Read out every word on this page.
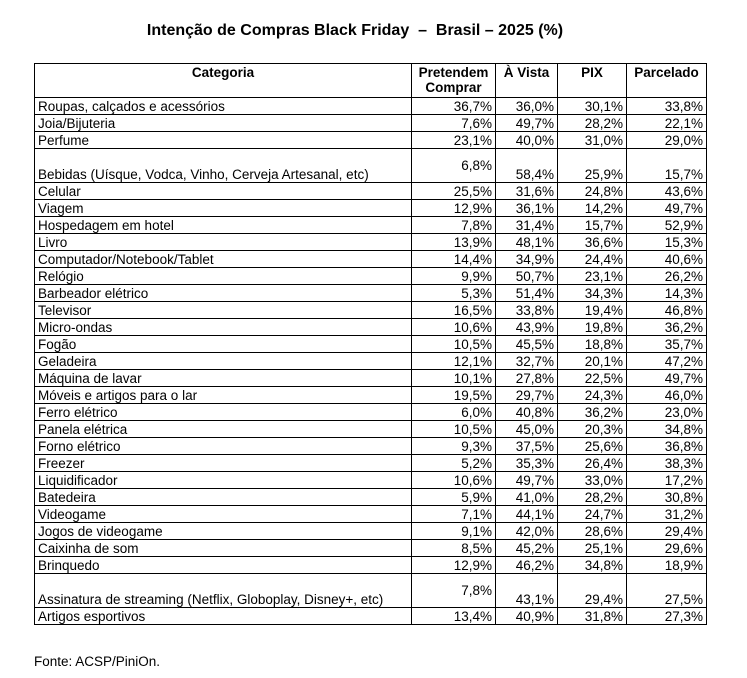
Intenção de Compras Black Friday  –  Brasil – 2025 (%)
Categoria	Pretendem Comprar	À Vista	PIX	Parcelado
Roupas, calçados e acessórios	36,7%	36,0%	30,1%	33,8%
Joia/Bijuteria	7,6%	49,7%	28,2%	22,1%
Perfume	23,1%	40,0%	31,0%	29,0%
Bebidas (Uísque, Vodca, Vinho, Cerveja Artesanal, etc)	6,8%	58,4%	25,9%	15,7%
Celular	25,5%	31,6%	24,8%	43,6%
Viagem	12,9%	36,1%	14,2%	49,7%
Hospedagem em hotel	7,8%	31,4%	15,7%	52,9%
Livro	13,9%	48,1%	36,6%	15,3%
Computador/Notebook/Tablet	14,4%	34,9%	24,4%	40,6%
Relógio	9,9%	50,7%	23,1%	26,2%
Barbeador elétrico	5,3%	51,4%	34,3%	14,3%
Televisor	16,5%	33,8%	19,4%	46,8%
Micro-ondas	10,6%	43,9%	19,8%	36,2%
Fogão	10,5%	45,5%	18,8%	35,7%
Geladeira	12,1%	32,7%	20,1%	47,2%
Máquina de lavar	10,1%	27,8%	22,5%	49,7%
Móveis e artigos para o lar	19,5%	29,7%	24,3%	46,0%
Ferro elétrico	6,0%	40,8%	36,2%	23,0%
Panela elétrica	10,5%	45,0%	20,3%	34,8%
Forno elétrico	9,3%	37,5%	25,6%	36,8%
Freezer	5,2%	35,3%	26,4%	38,3%
Liquidificador	10,6%	49,7%	33,0%	17,2%
Batedeira	5,9%	41,0%	28,2%	30,8%
Videogame	7,1%	44,1%	24,7%	31,2%
Jogos de videogame	9,1%	42,0%	28,6%	29,4%
Caixinha de som	8,5%	45,2%	25,1%	29,6%
Brinquedo	12,9%	46,2%	34,8%	18,9%
Assinatura de streaming (Netflix, Globoplay, Disney+, etc)	7,8%	43,1%	29,4%	27,5%
Artigos esportivos	13,4%	40,9%	31,8%	27,3%
Fonte: ACSP/PiniOn.
